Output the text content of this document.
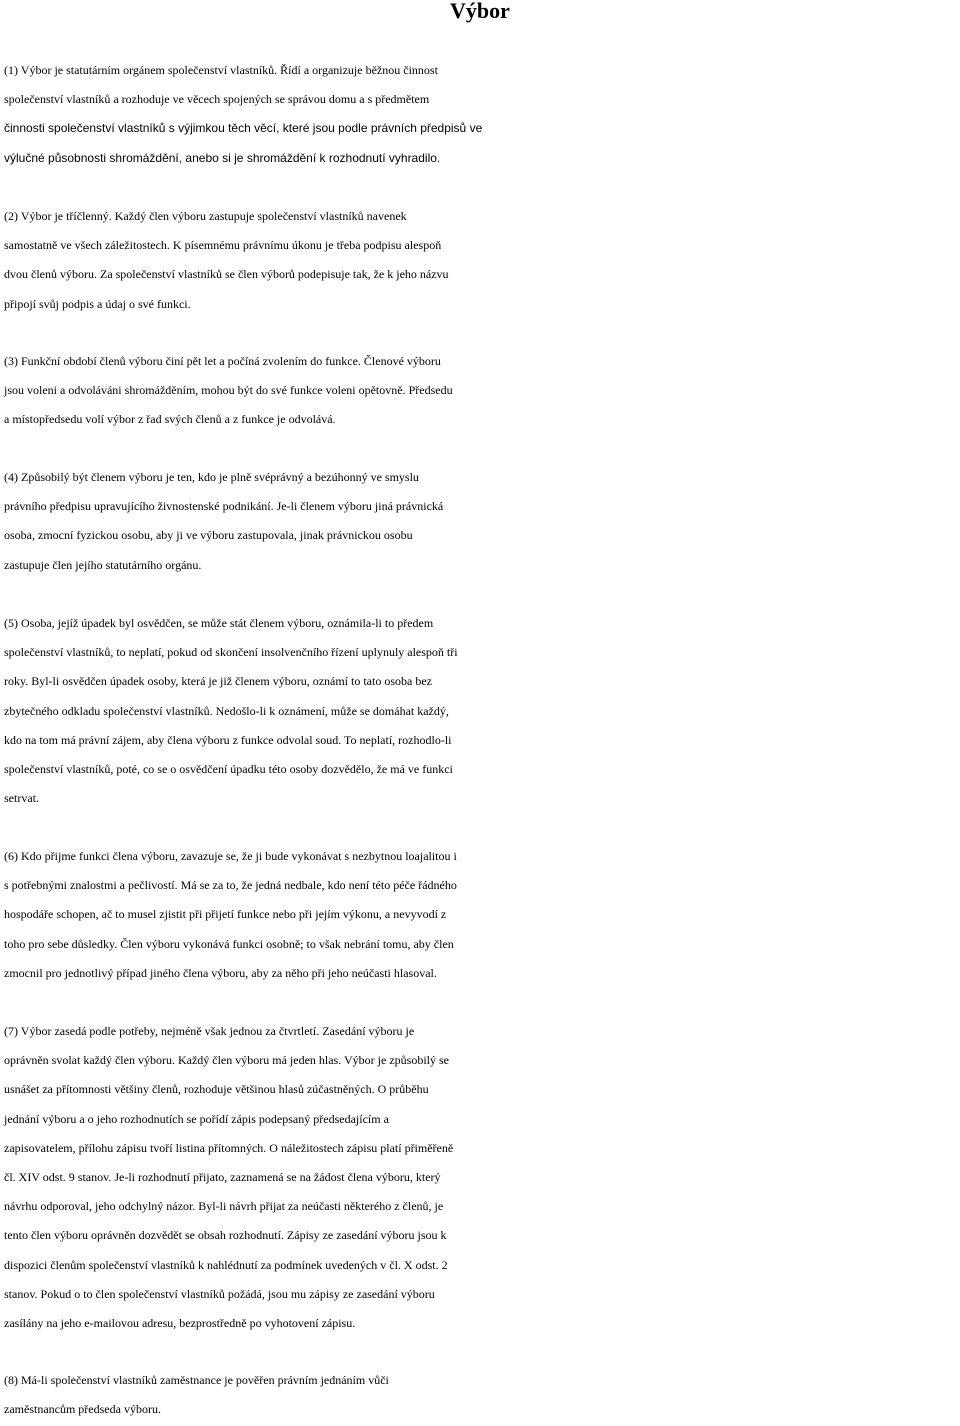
Výbor
(1) Výbor je statutárním orgánem společenství vlastníků. Řídí a organizuje běžnou činnost
společenství vlastníků a rozhoduje ve věcech spojených se správou domu a s předmětem
činnosti společenství vlastníků s výjimkou těch věcí, které jsou podle právních předpisů ve
výlučné působnosti shromáždění, anebo si je shromáždění k rozhodnutí vyhradilo.
(2) Výbor je tříčlenný. Každý člen výboru zastupuje společenství vlastníků navenek
samostatně ve všech záležitostech. K písemnému právnímu úkonu je třeba podpisu alespoň
dvou členů výboru. Za společenství vlastníků se člen výborů podepisuje tak, že k jeho názvu
připojí svůj podpis a údaj o své funkci.
(3) Funkční období členů výboru činí pět let a počíná zvolením do funkce. Členové výboru
jsou voleni a odvoláváni shromážděním, mohou být do své funkce voleni opětovně. Předsedu
a místopředsedu volí výbor z řad svých členů a z funkce je odvolává.
(4) Způsobilý být členem výboru je ten, kdo je plně svéprávný a bezúhonný ve smyslu
právního předpisu upravujícího živnostenské podnikání. Je-li členem výboru jiná právnická
osoba, zmocní fyzickou osobu, aby ji ve výboru zastupovala, jinak právnickou osobu
zastupuje člen jejího statutárního orgánu.
(5) Osoba, jejíž úpadek byl osvědčen, se může stát členem výboru, oznámila-li to předem
společenství vlastníků, to neplatí, pokud od skončení insolvenčního řízení uplynuly alespoň tři
roky. Byl-li osvědčen úpadek osoby, která je již členem výboru, oznámí to tato osoba bez
zbytečného odkladu společenství vlastníků. Nedošlo-li k oznámení, může se domáhat každý,
kdo na tom má právní zájem, aby člena výboru z funkce odvolal soud. To neplatí, rozhodlo-li
společenství vlastníků, poté, co se o osvědčení úpadku této osoby dozvědělo, že má ve funkci
setrvat.
(6) Kdo přijme funkci člena výboru, zavazuje se, že ji bude vykonávat s nezbytnou loajalitou i
s potřebnými znalostmi a pečlivostí. Má se za to, že jedná nedbale, kdo není této péče řádného
hospodáře schopen, ač to musel zjistit při přijetí funkce nebo při jejím výkonu, a nevyvodí z
toho pro sebe důsledky. Člen výboru vykonává funkci osobně; to však nebrání tomu, aby člen
zmocnil pro jednotlivý případ jiného člena výboru, aby za něho při jeho neúčasti hlasoval.
(7) Výbor zasedá podle potřeby, nejméně však jednou za čtvrtletí. Zasedání výboru je
oprávněn svolat každý člen výboru. Každý člen výboru má jeden hlas. Výbor je způsobilý se
usnášet za přítomnosti většiny členů, rozhoduje většinou hlasů zúčastněných. O průběhu
jednání výboru a o jeho rozhodnutích se pořídí zápis podepsaný předsedajícím a
zapisovatelem, přílohu zápisu tvoří listina přítomných. O náležitostech zápisu platí přiměřeně
čl. XIV odst. 9 stanov. Je-li rozhodnutí přijato, zaznamená se na žádost člena výboru, který
návrhu odporoval, jeho odchylný názor. Byl-li návrh přijat za neúčasti některého z členů, je
tento člen výboru oprávněn dozvědět se obsah rozhodnutí. Zápisy ze zasedání výboru jsou k
dispozici členům společenství vlastníků k nahlédnutí za podmínek uvedených v čl. X odst. 2
stanov. Pokud o to člen společenství vlastníků požádá, jsou mu zápisy ze zasedání výboru
zasílány na jeho e-mailovou adresu, bezprostředně po vyhotovení zápisu.
(8) Má-li společenství vlastníků zaměstnance je pověřen právním jednáním vůči
zaměstnancům předseda výboru.
